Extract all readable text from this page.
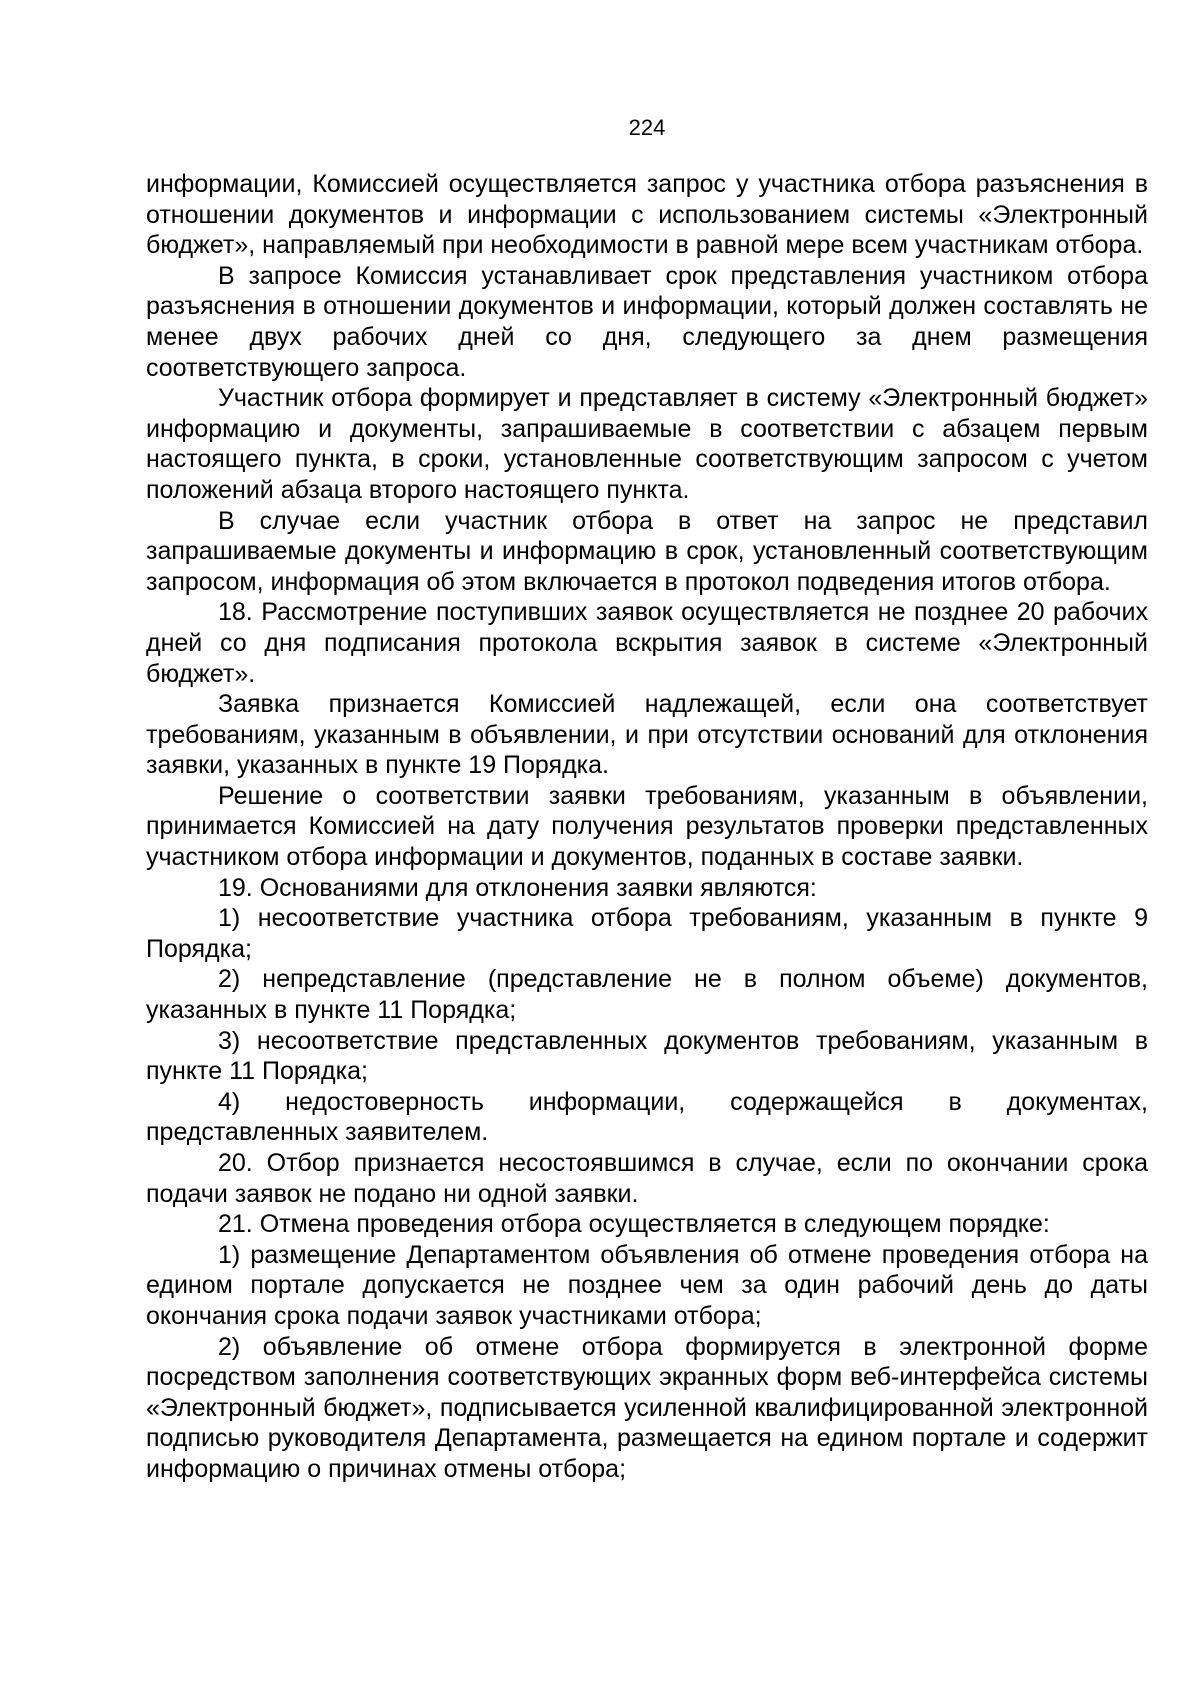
224

информации, Комиссией осуществляется запрос у участника отбора разъяснения в отношении документов и информации с использованием системы «Электронный бюджет», направляемый при необходимости в равной мере всем участникам отбора.

В запросе Комиссия устанавливает срок представления участником отбора разъяснения в отношении документов и информации, который должен составлять не менее двух рабочих дней со дня, следующего за днем размещения соответствующего запроса.

Участник отбора формирует и представляет в систему «Электронный бюджет» информацию и документы, запрашиваемые в соответствии с абзацем первым настоящего пункта, в сроки, установленные соответствующим запросом с учетом положений абзаца второго настоящего пункта.

В случае если участник отбора в ответ на запрос не представил запрашиваемые документы и информацию в срок, установленный соответствующим запросом, информация об этом включается в протокол подведения итогов отбора.

18. Рассмотрение поступивших заявок осуществляется не позднее 20 рабочих дней со дня подписания протокола вскрытия заявок в системе «Электронный бюджет».

Заявка признается Комиссией надлежащей, если она соответствует требованиям, указанным в объявлении, и при отсутствии оснований для отклонения заявки, указанных в пункте 19 Порядка.

Решение о соответствии заявки требованиям, указанным в объявлении, принимается Комиссией на дату получения результатов проверки представленных участником отбора информации и документов, поданных в составе заявки.

19. Основаниями для отклонения заявки являются:

1) несоответствие участника отбора требованиям, указанным в пункте 9 Порядка;

2) непредставление (представление не в полном объеме) документов, указанных в пункте 11 Порядка;

3) несоответствие представленных документов требованиям, указанным в пункте 11 Порядка;

4) недостоверность информации, содержащейся в документах, представленных заявителем.

20. Отбор признается несостоявшимся в случае, если по окончании срока подачи заявок не подано ни одной заявки.

21. Отмена проведения отбора осуществляется в следующем порядке:

1) размещение Департаментом объявления об отмене проведения отбора на едином портале допускается не позднее чем за один рабочий день до даты окончания срока подачи заявок участниками отбора;

2) объявление об отмене отбора формируется в электронной форме посредством заполнения соответствующих экранных форм веб-интерфейса системы «Электронный бюджет», подписывается усиленной квалифицированной электронной подписью руководителя Департамента, размещается на едином портале и содержит информацию о причинах отмены отбора;
